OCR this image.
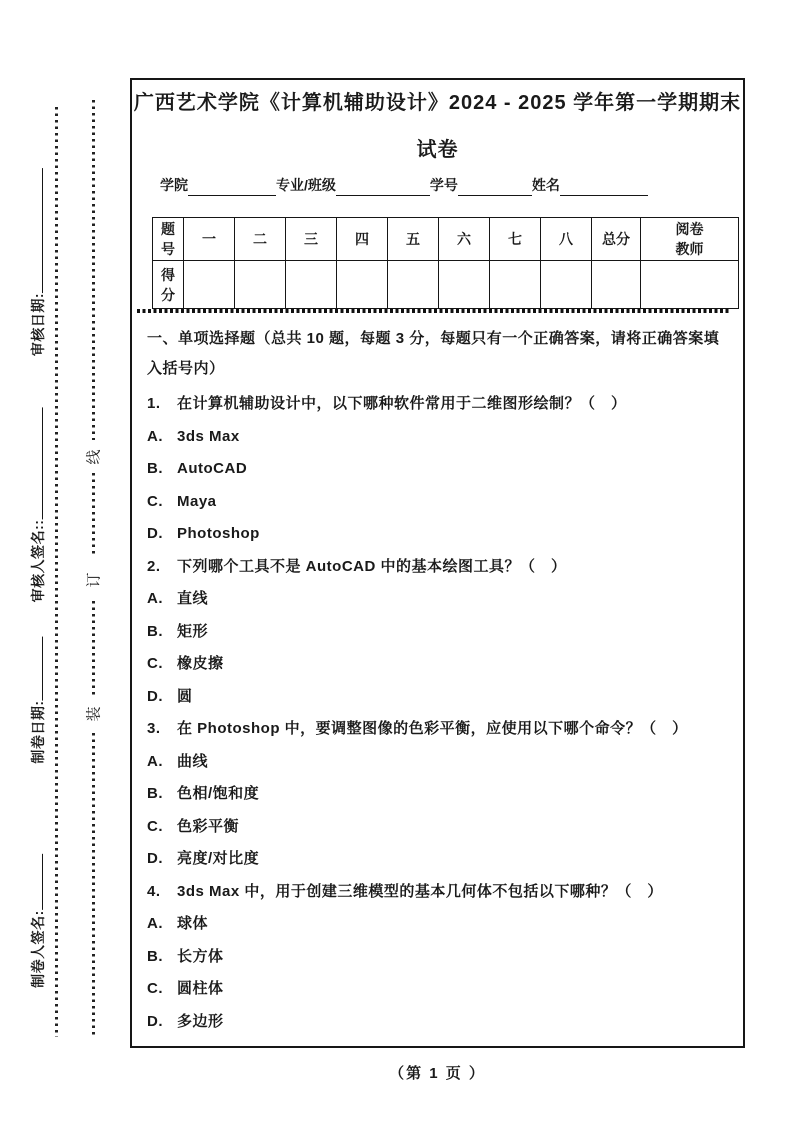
审核日期:
审核人签名::
制卷日期:
制卷人签名:
线
订
装
广西艺术学院《计算机辅助设计》2024 - 2025 学年第一学期期末
试卷
学院	专业/班级	学号	姓名
题号	一	二	三	四	五	六	七	八	总分	阅卷教师
得分										

一、单项选择题（总共 10 题，每题 3 分，每题只有一个正确答案，请将正确答案填入括号内）

1. 在计算机辅助设计中，以下哪种软件常用于二维图形绘制？（　）
A. 3ds Max
B. AutoCAD
C. Maya
D. Photoshop
2. 下列哪个工具不是 AutoCAD 中的基本绘图工具？（　）
A. 直线
B. 矩形
C. 橡皮擦
D. 圆
3. 在 Photoshop 中，要调整图像的色彩平衡，应使用以下哪个命令？（　）
A. 曲线
B. 色相/饱和度
C. 色彩平衡
D. 亮度/对比度
4. 3ds Max 中，用于创建三维模型的基本几何体不包括以下哪种？（　）
A. 球体
B. 长方体
C. 圆柱体
D. 多边形
（第 1 页 ）
